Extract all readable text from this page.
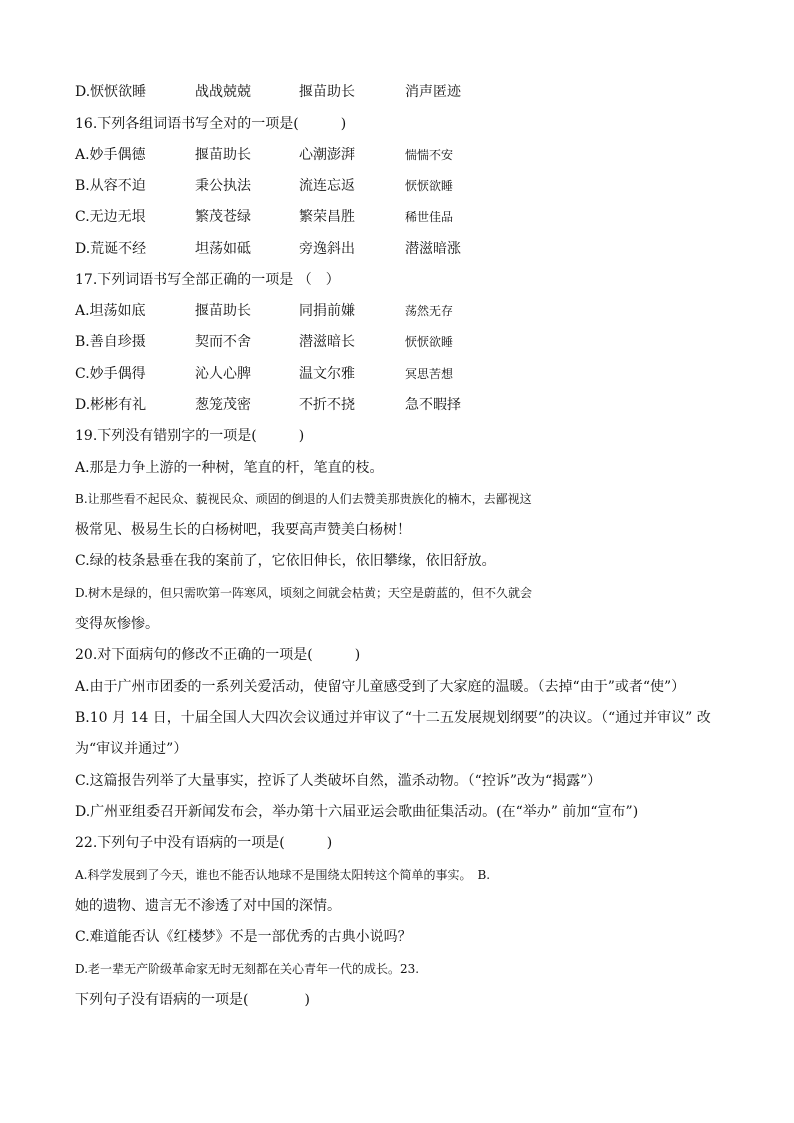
D.恹恹欲睡	战战兢兢	揠苗助长	消声匿迹
16.下列各组词语书写全对的一项是(　　　)
A.妙手偶德	揠苗助长	心潮澎湃	惴惴不安
B.从容不迫	秉公执法	流连忘返	恹恹欲睡
C.无边无垠	繁茂苍绿	繁荣昌胜	稀世佳品
D.荒诞不经	坦荡如砥	旁逸斜出	潜滋暗涨
17.下列词语书写全部正确的一项是 （　）
A.坦荡如底	揠苗助长	同捐前嫌	荡然无存
B.善自珍摄	契而不舍	潜滋暗长	恹恹欲睡
C.妙手偶得	沁人心脾	温文尔雅	冥思苦想
D.彬彬有礼	葱笼茂密	不折不挠	急不暇择
19.下列没有错别字的一项是(　　　)
A.那是力争上游的一种树，笔直的杆，笔直的枝。
B.让那些看不起民众、藐视民众、顽固的倒退的人们去赞美那贵族化的楠木，去鄙视这
极常见、极易生长的白杨树吧，我要高声赞美白杨树！
C.绿的枝条悬垂在我的案前了，它依旧伸长，依旧攀缘，依旧舒放。
D.树木是绿的，但只需吹第一阵寒风，顷刻之间就会枯黄；天空是蔚蓝的，但不久就会
变得灰惨惨。
20.对下面病句的修改不正确的一项是(　　　)
A.由于广州市团委的一系列关爱活动，使留守儿童感受到了大家庭的温暖。（去掉“由于”或者“使”）
B.10 月 14 日，十届全国人大四次会议通过并审议了“十二五发展规划纲要”的决议。（“通过并审议” 改
为“审议并通过”）
C.这篇报告列举了大量事实，控诉了人类破坏自然，滥杀动物。（“控诉”改为“揭露”）
D.广州亚组委召开新闻发布会，举办第十六届亚运会歌曲征集活动。(在“举办” 前加“宣布”)
22.下列句子中没有语病的一项是(　　　)
A.科学发展到了今天，谁也不能否认地球不是围绕太阳转这个简单的事实。　B.
她的遗物、遗言无不渗透了对中国的深情。
C.难道能否认《红楼梦》不是一部优秀的古典小说吗？
D.老一辈无产阶级革命家无时无刻都在关心青年一代的成长。23.
下列句子没有语病的一项是(　　　　)
